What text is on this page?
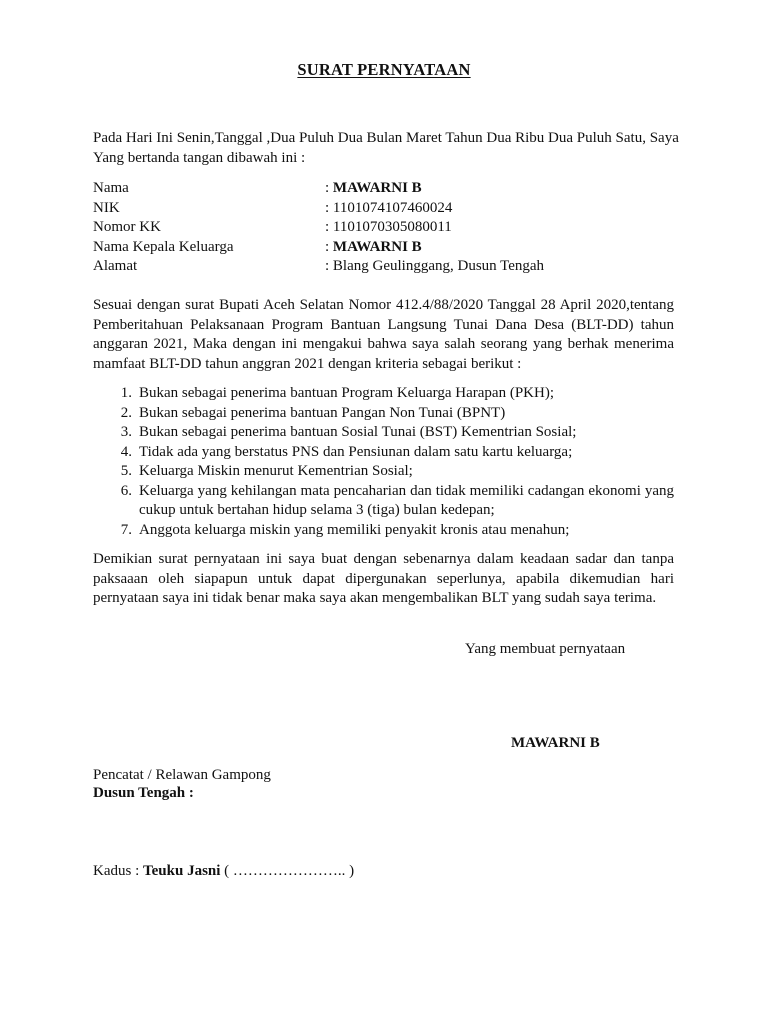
SURAT PERNYATAAN
Pada Hari Ini Senin,Tanggal ,Dua Puluh Dua Bulan Maret Tahun Dua Ribu Dua Puluh Satu, Saya Yang bertanda tangan dibawah ini :
Nama	: MAWARNI B
NIK	: 1101074107460024
Nomor KK	: 1101070305080011
Nama Kepala Keluarga	: MAWARNI B
Alamat	: Blang Geulinggang, Dusun Tengah
Sesuai dengan surat Bupati Aceh Selatan Nomor 412.4/88/2020 Tanggal 28 April 2020,tentang Pemberitahuan Pelaksanaan Program Bantuan Langsung Tunai Dana Desa (BLT-DD) tahun anggaran 2021, Maka dengan ini mengakui bahwa saya salah seorang yang berhak menerima mamfaat BLT-DD tahun anggran 2021 dengan kriteria sebagai berikut :
1. Bukan sebagai penerima bantuan Program Keluarga Harapan (PKH);
2. Bukan sebagai penerima bantuan Pangan Non Tunai (BPNT)
3. Bukan sebagai penerima bantuan Sosial Tunai (BST) Kementrian Sosial;
4. Tidak ada yang berstatus PNS dan Pensiunan dalam satu kartu keluarga;
5. Keluarga Miskin menurut Kementrian Sosial;
6. Keluarga yang kehilangan mata pencaharian dan tidak memiliki cadangan ekonomi yang cukup untuk bertahan hidup selama 3 (tiga) bulan kedepan;
7. Anggota keluarga miskin yang memiliki penyakit kronis atau menahun;
Demikian surat pernyataan ini saya buat dengan sebenarnya dalam keadaan sadar dan tanpa paksaaan oleh siapapun untuk dapat dipergunakan seperlunya, apabila dikemudian hari pernyataan saya ini tidak benar maka saya akan mengembalikan BLT yang sudah saya terima.
Yang membuat pernyataan
MAWARNI B
Pencatat / Relawan Gampong
Dusun Tengah :
Kadus : Teuku Jasni ( ………………….. )
